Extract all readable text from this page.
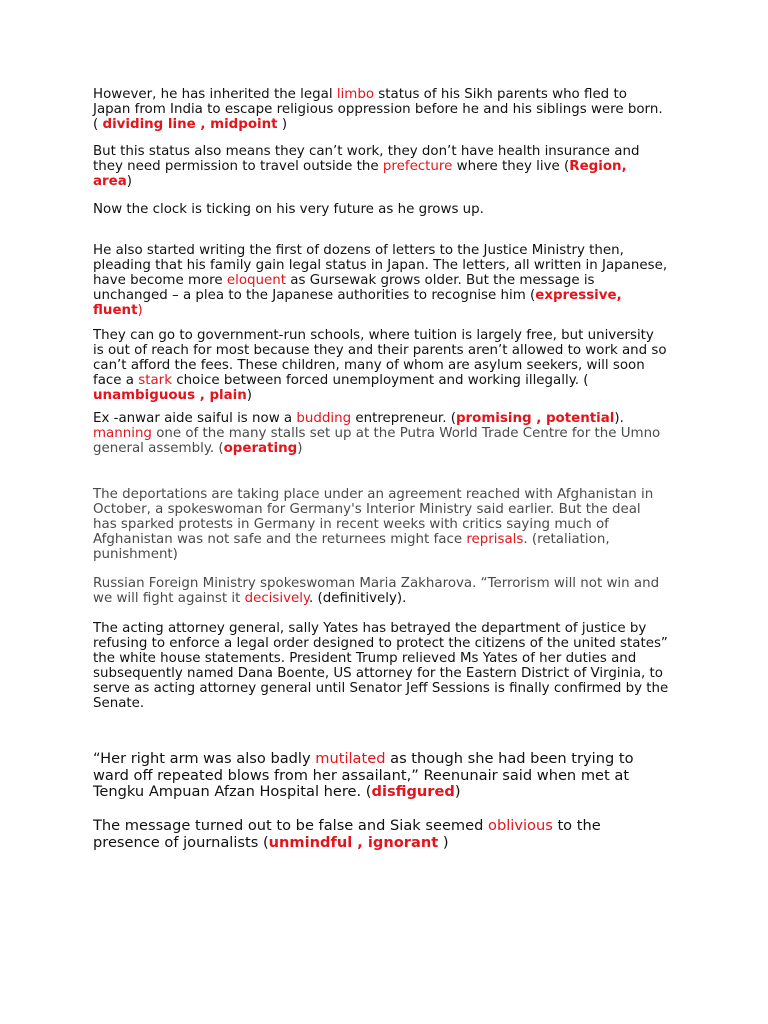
However, he has inherited the legal limbo status of his Sikh parents who fled to
Japan from India to escape religious oppression before he and his siblings were born.
( dividing line , midpoint )

But this status also means they can’t work, they don’t have health insurance and
they need permission to travel outside the prefecture where they live (Region,
area)

Now the clock is ticking on his very future as he grows up.

He also started writing the first of dozens of letters to the Justice Ministry then,
pleading that his family gain legal status in Japan. The letters, all written in Japanese,
have become more eloquent as Gursewak grows older. But the message is
unchanged – a plea to the Japanese authorities to recognise him (expressive,
fluent)

They can go to government-run schools, where tuition is largely free, but university
is out of reach for most because they and their parents aren’t allowed to work and so
can’t afford the fees. These children, many of whom are asylum seekers, will soon
face a stark choice between forced unemployment and working illegally. (
unambiguous , plain)

Ex -anwar aide saiful is now a budding entrepreneur. (promising , potential).
manning one of the many stalls set up at the Putra World Trade Centre for the Umno
general assembly. (operating)

The deportations are taking place under an agreement reached with Afghanistan in
October, a spokeswoman for Germany's Interior Ministry said earlier. But the deal
has sparked protests in Germany in recent weeks with critics saying much of
Afghanistan was not safe and the returnees might face reprisals. (retaliation,
punishment)

Russian Foreign Ministry spokeswoman Maria Zakharova. “Terrorism will not win and
we will fight against it decisively. (definitively).

The acting attorney general, sally Yates has betrayed the department of justice by
refusing to enforce a legal order designed to protect the citizens of the united states”
the white house statements. President Trump relieved Ms Yates of her duties and
subsequently named Dana Boente, US attorney for the Eastern District of Virginia, to
serve as acting attorney general until Senator Jeff Sessions is finally confirmed by the
Senate.

“Her right arm was also badly mutilated as though she had been trying to
ward off repeated blows from her assailant,” Reenunair said when met at
Tengku Ampuan Afzan Hospital here. (disfigured)

The message turned out to be false and Siak seemed oblivious to the
presence of journalists (unmindful , ignorant )
